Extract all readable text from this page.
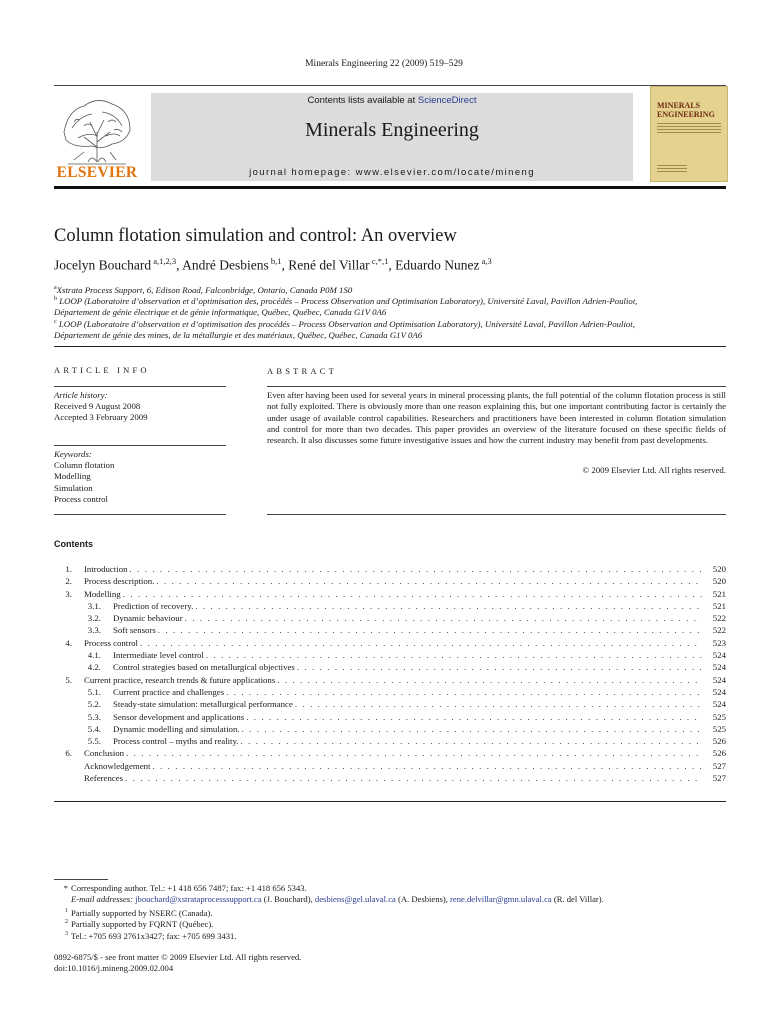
Minerals Engineering 22 (2009) 519–529
ELSEVIER
Contents lists available at ScienceDirect
Minerals Engineering
journal homepage: www.elsevier.com/locate/mineng
MINERALS ENGINEERING
Column flotation simulation and control: An overview
Jocelyn Bouchard $^{a,1,2,3}$, André Desbiens $^{b,1}$, René del Villar $^{c,*,1}$, Eduardo Nunez $^{a,3}$
$^a$Xstrata Process Support, 6, Edison Road, Falconbridge, Ontario, Canada P0M 1S0
$^b$ LOOP (Laboratoire d’observation et d’optimisation des, procédés – Process Observation and Optimisation Laboratory), Université Laval, Pavillon Adrien-Pouliot,
Département de génie électrique et de génie informatique, Québec, Québec, Canada G1V 0A6
$^c$ LOOP (Laboratoire d’observation et d’optimisation des procédés – Process Observation and Optimisation Laboratory), Université Laval, Pavillon Adrien-Pouliot,
Département de génie des mines, de la métallurgie et des matériaux, Québec, Québec, Canada G1V 0A6
ARTICLE INFO
Article history:
Received 9 August 2008
Accepted 3 February 2009
Keywords:
Column flotation
Modelling
Simulation
Process control
ABSTRACT
Even after having been used for several years in mineral processing plants, the full potential of the column flotation process is still not fully exploited. There is obviously more than one reason explaining this, but one important contributing factor is certainly the under usage of available control capabilities. Researchers and practitioners have been interested in column flotation simulation and control for more than two decades. This paper provides an overview of the literature focused on these specific fields of research. It also discusses some future investigative issues and how the current industry may benefit from past developments.
© 2009 Elsevier Ltd. All rights reserved.
Contents
1.	Introduction . . .	520
2.	Process description. . . .	520
3.	Modelling . . .	521
3.1.	Prediction of recovery. . . .	521
3.2.	Dynamic behaviour . . .	522
3.3.	Soft sensors . . .	522
4.	Process control . . .	523
4.1.	Intermediate level control . . .	524
4.2.	Control strategies based on metallurgical objectives . . .	524
5.	Current practice, research trends & future applications . . .	524
5.1.	Current practice and challenges . . .	524
5.2.	Steady-state simulation: metallurgical performance . . .	524
5.3.	Sensor development and applications . . .	525
5.4.	Dynamic modelling and simulation. . . .	525
5.5.	Process control – myths and reality. . . .	526
6.	Conclusion . . .	526
Acknowledgement . . .	527
References . . .	527
* Corresponding author. Tel.: +1 418 656 7487; fax: +1 418 656 5343.
E-mail addresses: jbouchard@xstrataprocesssupport.ca (J. Bouchard), desbiens@gel.ulaval.ca (A. Desbiens), rene.delvillar@gmn.ulaval.ca (R. del Villar).
$^1$ Partially supported by NSERC (Canada).
$^2$ Partially supported by FQRNT (Québec).
$^3$ Tel.: +705 693 2761x3427; fax: +705 699 3431.
0892-6875/$ - see front matter © 2009 Elsevier Ltd. All rights reserved.
doi:10.1016/j.mineng.2009.02.004
